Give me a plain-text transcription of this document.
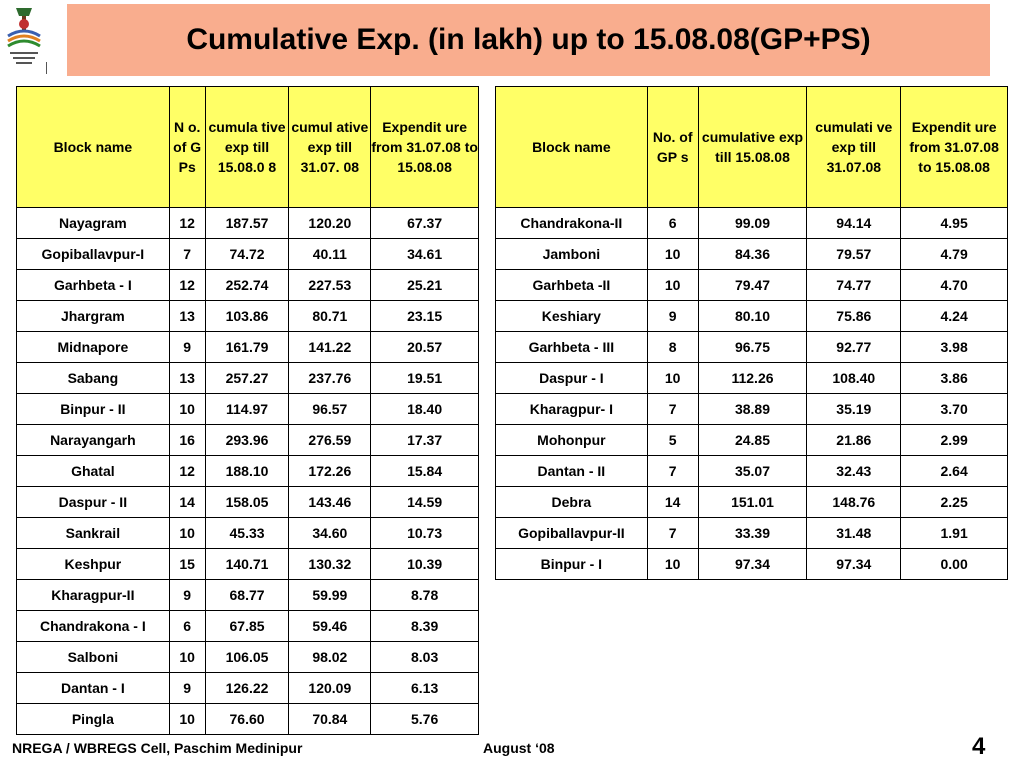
Cumulative Exp. (in lakh) up to 15.08.08(GP+PS)
Block name	N o. of G Ps	cumula tive exp till 15.08.0 8	cumul ative exp till 31.07. 08	Expendit ure from 31.07.08 to 15.08.08
Nayagram	12	187.57	120.20	67.37
Gopiballavpur-I	7	74.72	40.11	34.61
Garhbeta - I	12	252.74	227.53	25.21
Jhargram	13	103.86	80.71	23.15
Midnapore	9	161.79	141.22	20.57
Sabang	13	257.27	237.76	19.51
Binpur - II	10	114.97	96.57	18.40
Narayangarh	16	293.96	276.59	17.37
Ghatal	12	188.10	172.26	15.84
Daspur - II	14	158.05	143.46	14.59
Sankrail	10	45.33	34.60	10.73
Keshpur	15	140.71	130.32	10.39
Kharagpur-II	9	68.77	59.99	8.78
Chandrakona - I	6	67.85	59.46	8.39
Salboni	10	106.05	98.02	8.03
Dantan - I	9	126.22	120.09	6.13
Pingla	10	76.60	70.84	5.76
Block name	No. of GP s	cumulative exp till 15.08.08	cumulati ve exp till 31.07.08	Expendit ure from 31.07.08 to 15.08.08
Chandrakona-II	6	99.09	94.14	4.95
Jamboni	10	84.36	79.57	4.79
Garhbeta -II	10	79.47	74.77	4.70
Keshiary	9	80.10	75.86	4.24
Garhbeta - III	8	96.75	92.77	3.98
Daspur - I	10	112.26	108.40	3.86
Kharagpur- I	7	38.89	35.19	3.70
Mohonpur	5	24.85	21.86	2.99
Dantan - II	7	35.07	32.43	2.64
Debra	14	151.01	148.76	2.25
Gopiballavpur-II	7	33.39	31.48	1.91
Binpur - I	10	97.34	97.34	0.00
NREGA / WBREGS Cell, Paschim Medinipur	August ‘08	4
